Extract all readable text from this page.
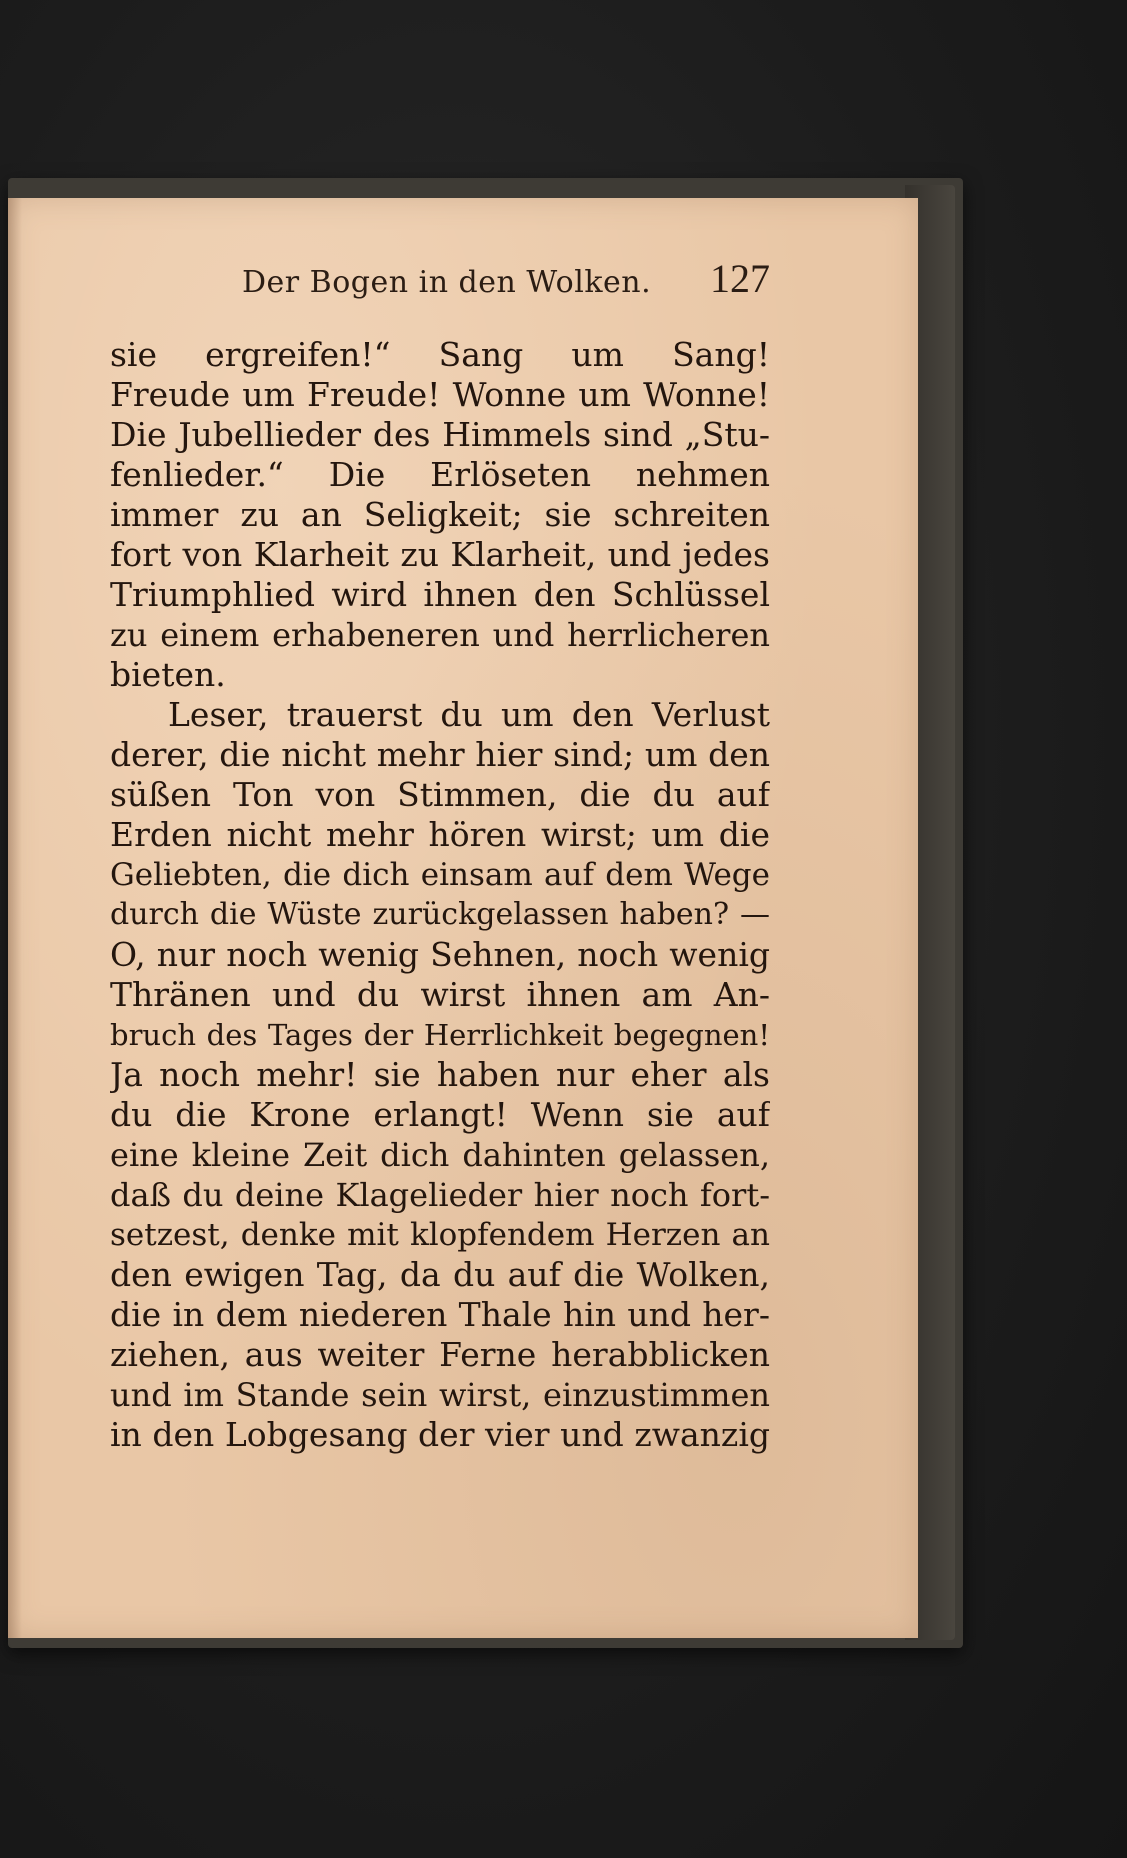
Der Bogen in den Wolken. 127
sie ergreifen!“ Sang um Sang!
Freude um Freude! Wonne um Wonne!
Die Jubellieder des Himmels sind „Stu-
fenlieder.“ Die Erlöseten nehmen
immer zu an Seligkeit; sie schreiten
fort von Klarheit zu Klarheit, und jedes
Triumphlied wird ihnen den Schlüssel
zu einem erhabeneren und herrlicheren
bieten.
Leser, trauerst du um den Verlust
derer, die nicht mehr hier sind; um den
süßen Ton von Stimmen, die du auf
Erden nicht mehr hören wirst; um die
Geliebten, die dich einsam auf dem Wege
durch die Wüste zurückgelassen haben? —
O, nur noch wenig Sehnen, noch wenig
Thränen und du wirst ihnen am An-
bruch des Tages der Herrlichkeit begegnen!
Ja noch mehr! sie haben nur eher als
du die Krone erlangt! Wenn sie auf
eine kleine Zeit dich dahinten gelassen,
daß du deine Klagelieder hier noch fort-
setzest, denke mit klopfendem Herzen an
den ewigen Tag, da du auf die Wolken,
die in dem niederen Thale hin und her-
ziehen, aus weiter Ferne herabblicken
und im Stande sein wirst, einzustimmen
in den Lobgesang der vier und zwanzig
